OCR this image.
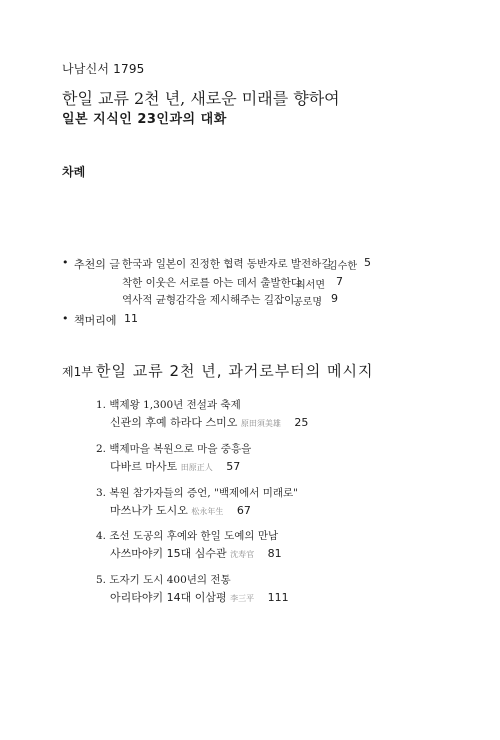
나남신서 1795
한일 교류 2천 년, 새로운 미래를 향하여
일본 지식인 23인과의 대화
차례
• 추천의 글 한국과 일본이 진정한 협력 동반자로 발전하길
김수한 5
착한 이웃은 서로를 아는 데서 출발한다
최서면 7
역사적 균형감각을 제시해주는 길잡이
공로명 9
• 책머리에 11
제1부 한일 교류 2천 년, 과거로부터의 메시지
1. 백제왕 1,300년 전설과 축제
신관의 후예 하라다 스미오 原田須美雄 25
2. 백제마을 복원으로 마을 중흥을
다바르 마사토 田原正人 57
3. 복원 참가자들의 증언, "백제에서 미래로"
마쓰나가 도시오 松永年生 67
4. 조선 도공의 후예와 한일 도예의 만남
사쓰마야키 15대 심수관 沈寿官 81
5. 도자기 도시 400년의 전통
아리타야키 14대 이삼평 李三平 111
